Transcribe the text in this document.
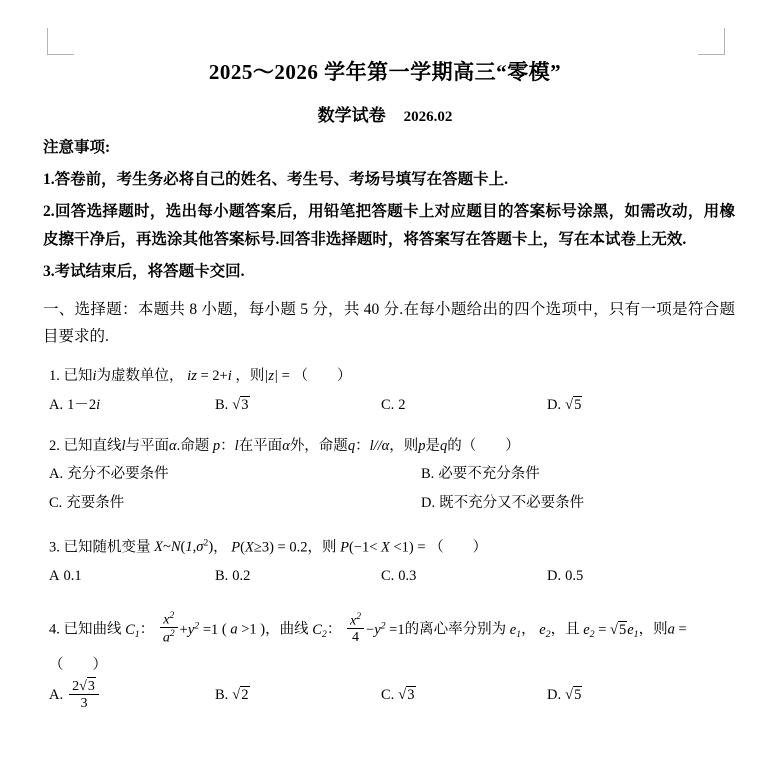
2025～2026 学年第一学期高三“零模”
数学试卷 2026.02
注意事项:
1.答卷前，考生务必将自己的姓名、考生号、考场号填写在答题卡上.
2.回答选择题时，选出每小题答案后，用铅笔把答题卡上对应题目的答案标号涂黑，如需改动，用橡皮擦干净后，再选涂其他答案标号.回答非选择题时，将答案写在答题卡上，写在本试卷上无效.
3.考试结束后，将答题卡交回.
一、选择题：本题共 8 小题，每小题 5 分，共 40 分.在每小题给出的四个选项中，只有一项是符合题目要求的.
1. 已知i为虚数单位， iz = 2+i ，则|z| = （　　）
A. 1－2i	B. √3	C. 2	D. √5
2. 已知直线l与平面α.命题 p：l在平面α外，命题q：l//α，则p是q的（　　）
A. 充分不必要条件	B. 必要不充分条件
C. 充要条件	D. 既不充分又不必要条件
3. 已知随机变量 $X\sim N(1,\sigma^2)$， P(X≥3) = 0.2，则 P(−1< X <1) = （　　）
A 0.1	B. 0.2	C. 0.3	D. 0.5
4. 已知曲线 $C_1$： $\frac{x^2}{a^2} +y^2 =1$ ( a >1 )，曲线 $C_2$： $\frac{x^2}{4} -y^2 =1$的离心率分别为 $e_1$， $e_2$，且 $e_2 = √5e_1$，则a =
（　　）
A. $\frac{2√3}{3}$	B. √2	C. √3	D. √5
